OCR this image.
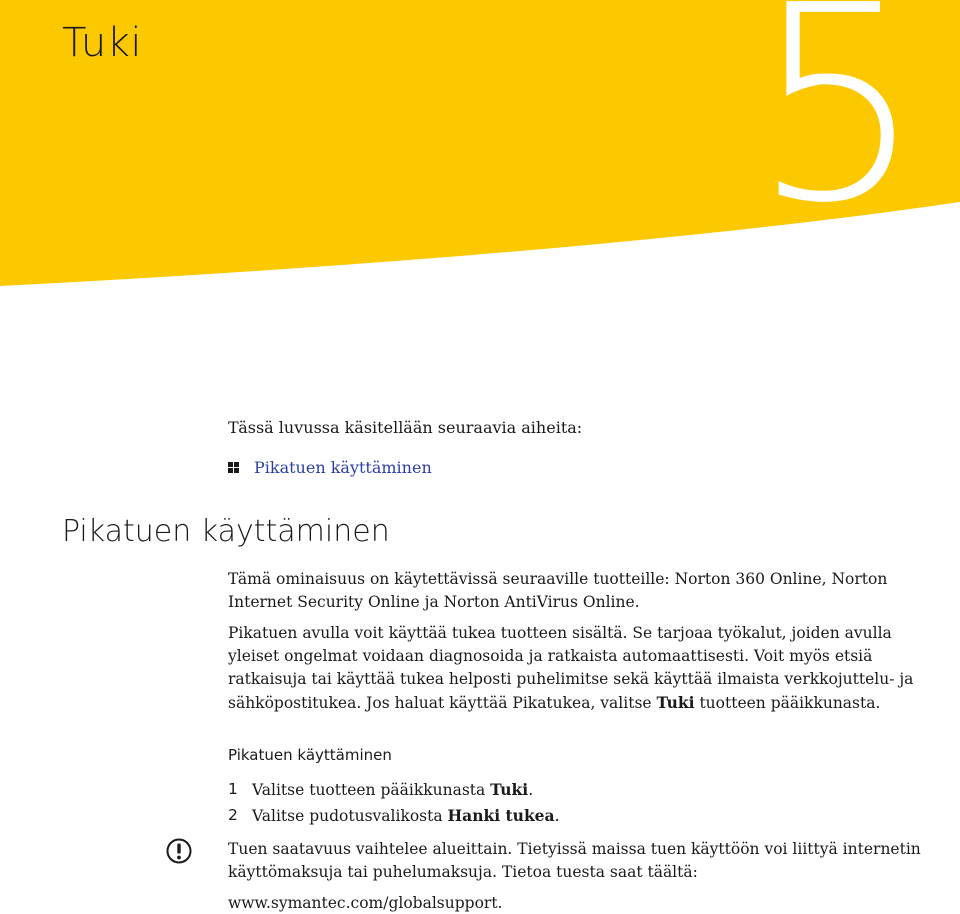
Tuki 5
Tässä luvussa käsitellään seuraavia aiheita:
Pikatuen käyttäminen
Pikatuen käyttäminen
Tämä ominaisuus on käytettävissä seuraaville tuotteille: Norton 360 Online, Norton Internet Security Online ja Norton AntiVirus Online.
Pikatuen avulla voit käyttää tukea tuotteen sisältä. Se tarjoaa työkalut, joiden avulla yleiset ongelmat voidaan diagnosoida ja ratkaista automaattisesti. Voit myös etsiä ratkaisuja tai käyttää tukea helposti puhelimitse sekä käyttää ilmaista verkkojuttelu- ja sähköpostitukea. Jos haluat käyttää Pikatukea, valitse Tuki tuotteen pääikkunasta.
Pikatuen käyttäminen
1 Valitse tuotteen pääikkunasta Tuki.
2 Valitse pudotusvalikosta Hanki tukea.
Tuen saatavuus vaihtelee alueittain. Tietyissä maissa tuen käyttöön voi liittyä internetin käyttömaksuja tai puhelumaksuja. Tietoa tuesta saat täältä:
www.symantec.com/globalsupport.
